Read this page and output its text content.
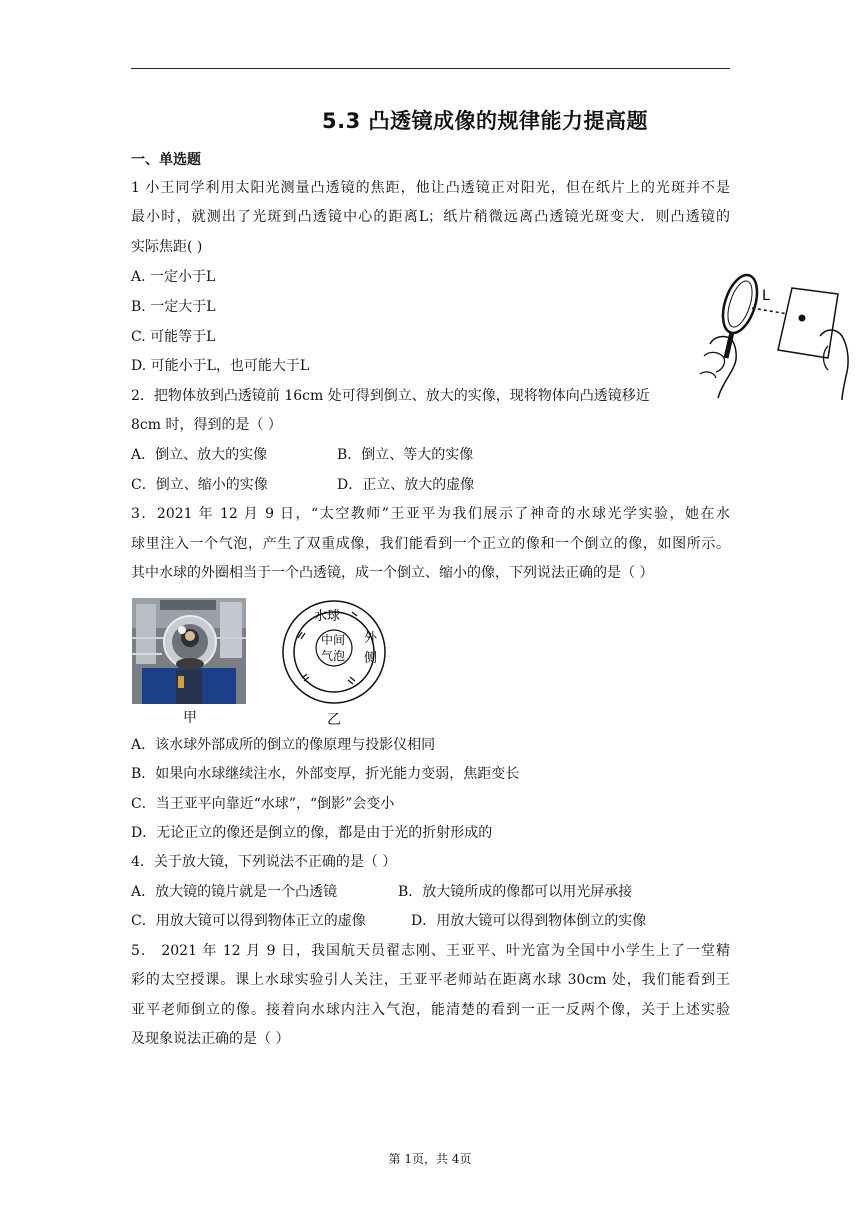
5.3 凸透镜成像的规律能力提高题
一、单选题
1 小王同学利用太阳光测量凸透镜的焦距，他让凸透镜正对阳光，但在纸片上的光斑并不是
最小时，就测出了光斑到凸透镜中心的距离L；纸片稍微远离凸透镜光斑变大．则凸透镜的
实际焦距( )
A. 一定小于L
B. 一定大于L
C. 可能等于L
D. 可能小于L，也可能大于L
L
2．把物体放到凸透镜前 16cm 处可得到倒立、放大的实像，现将物体向凸透镜移近
8cm 时，得到的是（ ）
A．倒立、放大的实像	B．倒立、等大的实像
C．倒立、缩小的实像	D．正立、放大的虚像
3．2021 年 12 月 9 日，“太空教师”王亚平为我们展示了神奇的水球光学实验，她在水
球里注入一个气泡，产生了双重成像，我们能看到一个正立的像和一个倒立的像，如图所示。
其中水球的外圈相当于一个凸透镜，成一个倒立、缩小的像，下列说法正确的是（ ）
甲
水球
中间
气泡
外
侧
乙
A．该水球外部成所的倒立的像原理与投影仪相同
B．如果向水球继续注水，外部变厚，折光能力变弱，焦距变长
C．当王亚平向靠近“水球”，“倒影”会变小
D．无论正立的像还是倒立的像，都是由于光的折射形成的
4．关于放大镜，下列说法不正确的是（ ）
A．放大镜的镜片就是一个凸透镜	B．放大镜所成的像都可以用光屏承接
C．用放大镜可以得到物体正立的虚像	D．用放大镜可以得到物体倒立的实像
5． 2021 年 12 月 9 日，我国航天员翟志刚、王亚平、叶光富为全国中小学生上了一堂精
彩的太空授课。课上水球实验引人关注，王亚平老师站在距离水球 30cm 处，我们能看到王
亚平老师倒立的像。接着向水球内注入气泡，能清楚的看到一正一反两个像，关于上述实验
及现象说法正确的是（ ）
第 1页，共 4页
